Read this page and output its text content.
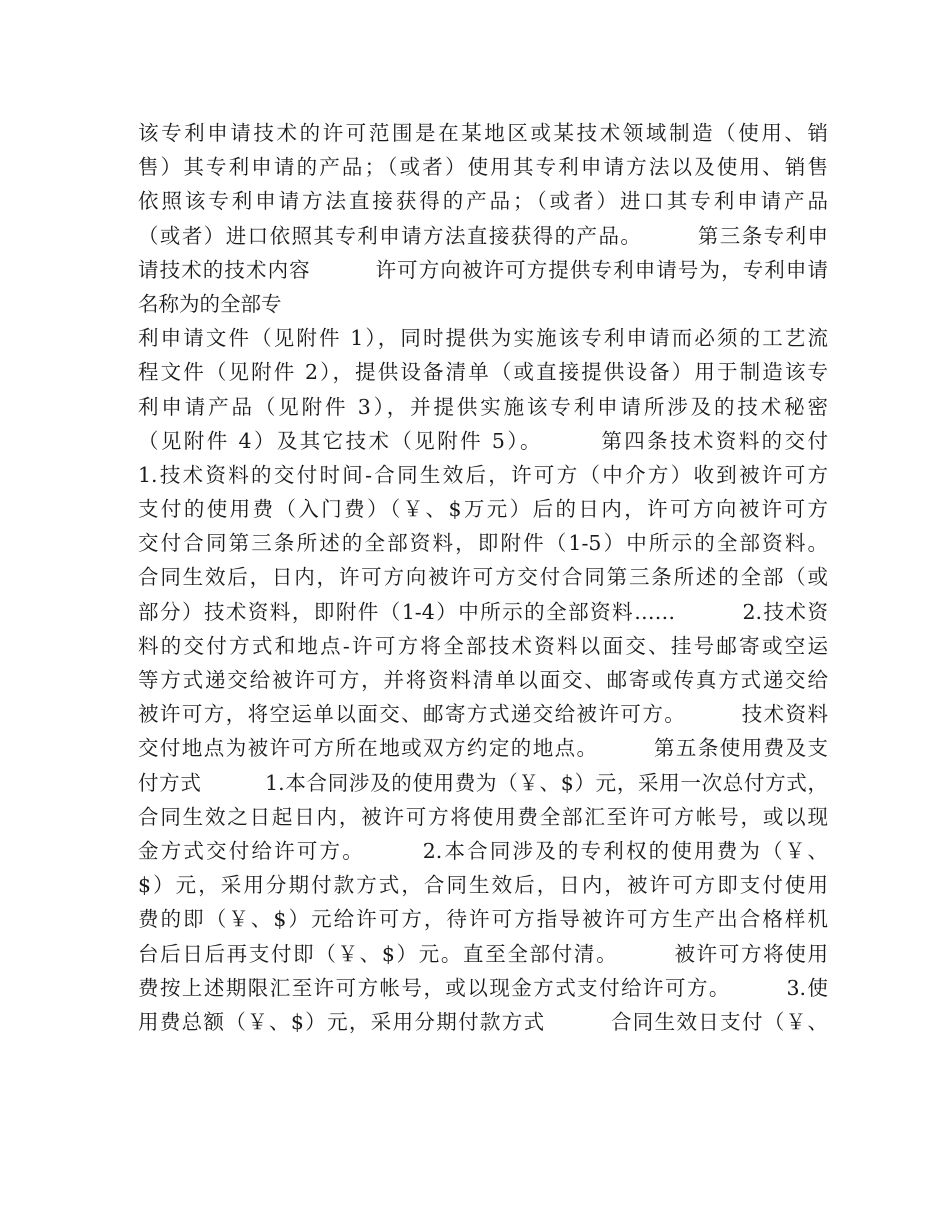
该专利申请技术的许可范围是在某地区或某技术领域制造（使用、销
售）其专利申请的产品；（或者）使用其专利申请方法以及使用、销售
依照该专利申请方法直接获得的产品；（或者）进口其专利申请产品
（或者）进口依照其专利申请方法直接获得的产品。　　　第三条专利申
请技术的技术内容　　　许可方向被许可方提供专利申请号为，专利申请
名称为的全部专
利申请文件（见附件 1），同时提供为实施该专利申请而必须的工艺流
程文件（见附件 2），提供设备清单（或直接提供设备）用于制造该专
利申请产品（见附件 3），并提供实施该专利申请所涉及的技术秘密
（见附件 4）及其它技术（见附件 5）。　　　第四条技术资料的交付
1.技术资料的交付时间-合同生效后，许可方（中介方）收到被许可方
支付的使用费（入门费）（￥、$万元）后的日内，许可方向被许可方
交付合同第三条所述的全部资料，即附件（1-5）中所示的全部资料。
合同生效后，日内，许可方向被许可方交付合同第三条所述的全部（或
部分）技术资料，即附件（1-4）中所示的全部资料……　　　2.技术资
料的交付方式和地点-许可方将全部技术资料以面交、挂号邮寄或空运
等方式递交给被许可方，并将资料清单以面交、邮寄或传真方式递交给
被许可方，将空运单以面交、邮寄方式递交给被许可方。　　　技术资料
交付地点为被许可方所在地或双方约定的地点。　　　第五条使用费及支
付方式　　　1.本合同涉及的使用费为（￥、$）元，采用一次总付方式，
合同生效之日起日内，被许可方将使用费全部汇至许可方帐号，或以现
金方式交付给许可方。　　　2.本合同涉及的专利权的使用费为（￥、
$）元，采用分期付款方式，合同生效后，日内，被许可方即支付使用
费的即（￥、$）元给许可方，待许可方指导被许可方生产出合格样机
台后日后再支付即（￥、$）元。直至全部付清。　　　被许可方将使用
费按上述期限汇至许可方帐号，或以现金方式支付给许可方。　　　3.使
用费总额（￥、$）元，采用分期付款方式　　　合同生效日支付（￥、
